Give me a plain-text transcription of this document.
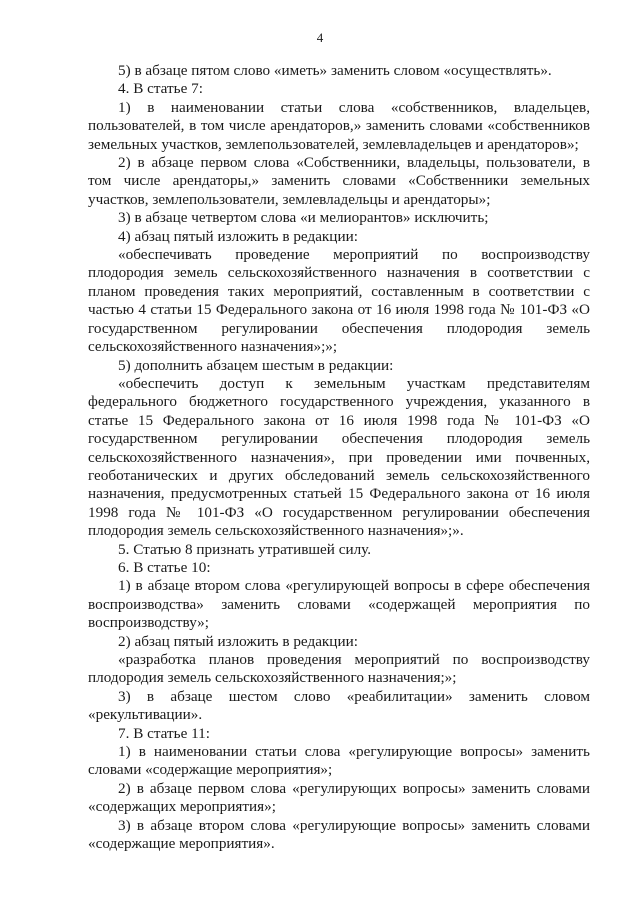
4

5) в абзаце пятом слово «иметь» заменить словом «осуществлять».

4. В статье 7:

1) в наименовании статьи слова «собственников, владельцев, пользователей, в том числе арендаторов,» заменить словами «собственников земельных участков, землепользователей, землевладельцев и арендаторов»;

2) в абзаце первом слова «Собственники, владельцы, пользователи, в том числе арендаторы,» заменить словами «Собственники земельных участков, землепользователи, землевладельцы и арендаторы»;

3) в абзаце четвертом слова «и мелиорантов» исключить;

4) абзац пятый изложить в редакции:

«обеспечивать проведение мероприятий по воспроизводству плодородия земель сельскохозяйственного назначения в соответствии с планом проведения таких мероприятий, составленным в соответствии с частью 4 статьи 15 Федерального закона от 16 июля 1998 года № 101-ФЗ «О государственном регулировании обеспечения плодородия земель сельскохозяйственного назначения»;»;

5) дополнить абзацем шестым в редакции:

«обеспечить доступ к земельным участкам представителям федерального бюджетного государственного учреждения, указанного в статье 15 Федерального закона от 16 июля 1998 года № 101-ФЗ «О государственном регулировании обеспечения плодородия земель сельскохозяйственного назначения», при проведении ими почвенных, геоботанических и других обследований земель сельскохозяйственного назначения, предусмотренных статьей 15 Федерального закона от 16 июля 1998 года № 101-ФЗ «О государственном регулировании обеспечения плодородия земель сельскохозяйственного назначения»;».

5. Статью 8 признать утратившей силу.

6. В статье 10:

1) в абзаце втором слова «регулирующей вопросы в сфере обеспечения воспроизводства» заменить словами «содержащей мероприятия по воспроизводству»;

2) абзац пятый изложить в редакции:

«разработка планов проведения мероприятий по воспроизводству плодородия земель сельскохозяйственного назначения;»;

3) в абзаце шестом слово «реабилитации» заменить словом «рекультивации».

7. В статье 11:

1) в наименовании статьи слова «регулирующие вопросы» заменить словами «содержащие мероприятия»;

2) в абзаце первом слова «регулирующих вопросы» заменить словами «содержащих мероприятия»;

3) в абзаце втором слова «регулирующие вопросы» заменить словами «содержащие мероприятия».
